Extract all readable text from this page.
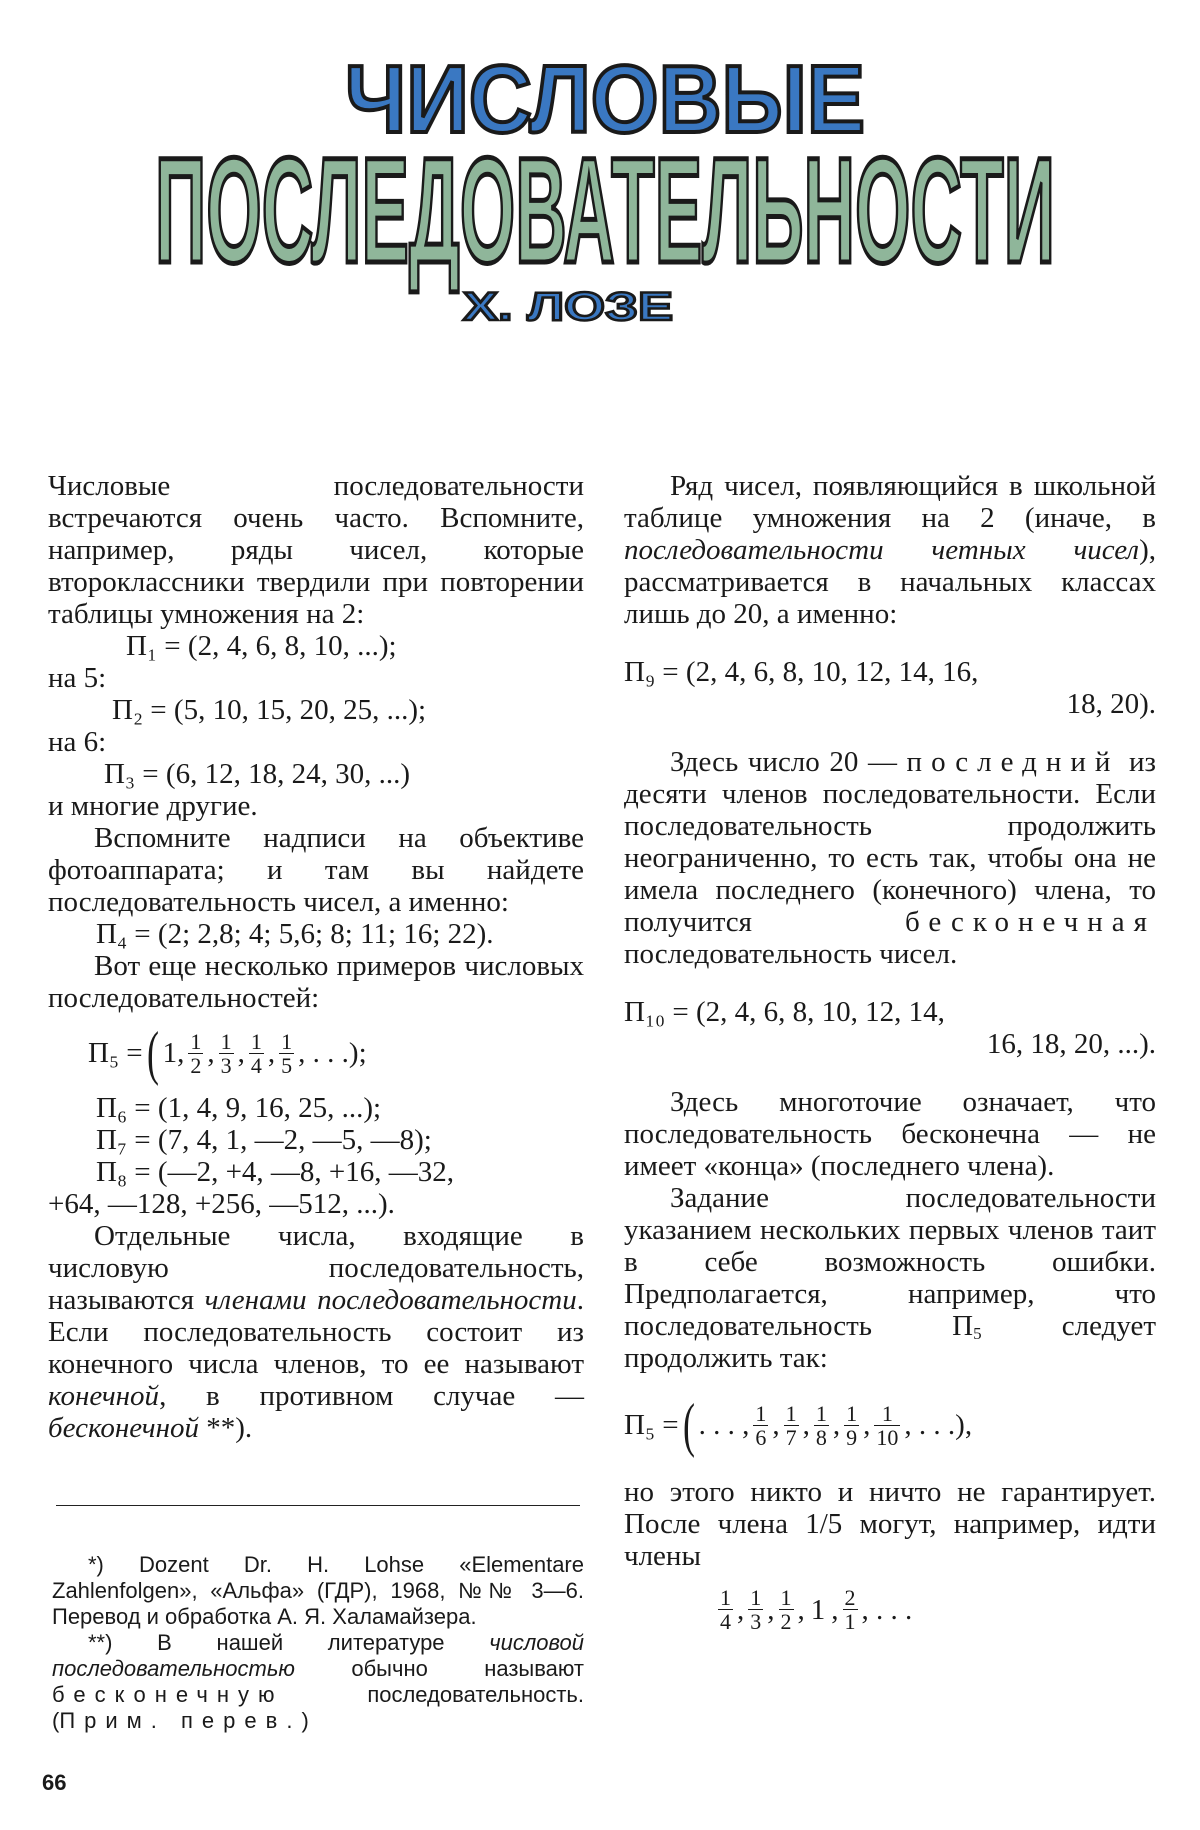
ЧИСЛОВЫЕ
ПОСЛЕДОВАТЕЛЬНОСТИ
Х. ЛОЗЕ

Числовые последовательности встречаются очень часто. Вспомните, например, ряды чисел, которые второклассники твердили при повторении таблицы умножения на 2:

П₁ = (2, 4, 6, 8, 10, ...);

на 5:

П₂ = (5, 10, 15, 20, 25, ...);

на 6:

П₃ = (6, 12, 18, 24, 30, ...)

и многие другие.

Вспомните надписи на объективе фотоаппарата; и там вы найдете последовательность чисел, а именно:

П₄ = (2; 2,8; 4; 5,6; 8; 11; 16; 22).

Вот еще несколько примеров числовых последовательностей:

П₅ = ( 1 , 1
2 , 1
3 , 1
4 , 1
5 , . . .);

П₆ = (1, 4, 9, 16, 25, ...);

П₇ = (7, 4, 1, —2, —5, —8);

П₈ = (—2, +4, —8, +16, —32,

+64, —128, +256, —512, ...).

Отдельные числа, входящие в числовую последовательность, называются членами последовательности. Если последовательность состоит из конечного числа членов, то ее называют конечной, в противном случае — бесконечной **).

*) Dozent Dr. H. Lohse «Elementare Zahlenfolgen», «Альфа» (ГДР), 1968, №№ 3—6. Перевод и обработка А. Я. Халамайзера.

**) В нашей литературе числовой последовательностью обычно называют бесконечную последовательность. (Прим. перев.)

66

Ряд чисел, появляющийся в школьной таблице умножения на 2 (иначе, в последовательности четных чисел), рассматривается в начальных классах лишь до 20, а именно:

П₉ = (2, 4, 6, 8, 10, 12, 14, 16,

18, 20).

Здесь число 20 — последний из десяти членов последовательности. Если последовательность продолжить неограниченно, то есть так, чтобы она не имела последнего (конечного) члена, то получится бесконечная последовательность чисел.

П₁₀ = (2, 4, 6, 8, 10, 12, 14,

16, 18, 20, ...).

Здесь многоточие означает, что последовательность бесконечна — не имеет «конца» (последнего члена).

Задание последовательности указанием нескольких первых членов таит в себе возможность ошибки. Предполагается, например, что последовательность $П_5$ следует продолжить так:

П₅ = ( . . . , 1
6 , 1
7 , 1
8 , 1
9 , 1
10 , . . .),

но этого никто и ничто не гарантирует. После члена 1/5 могут, например, идти члены

1
4 , 1
3 , 1
2 , 1 , 2
1 , . . .
